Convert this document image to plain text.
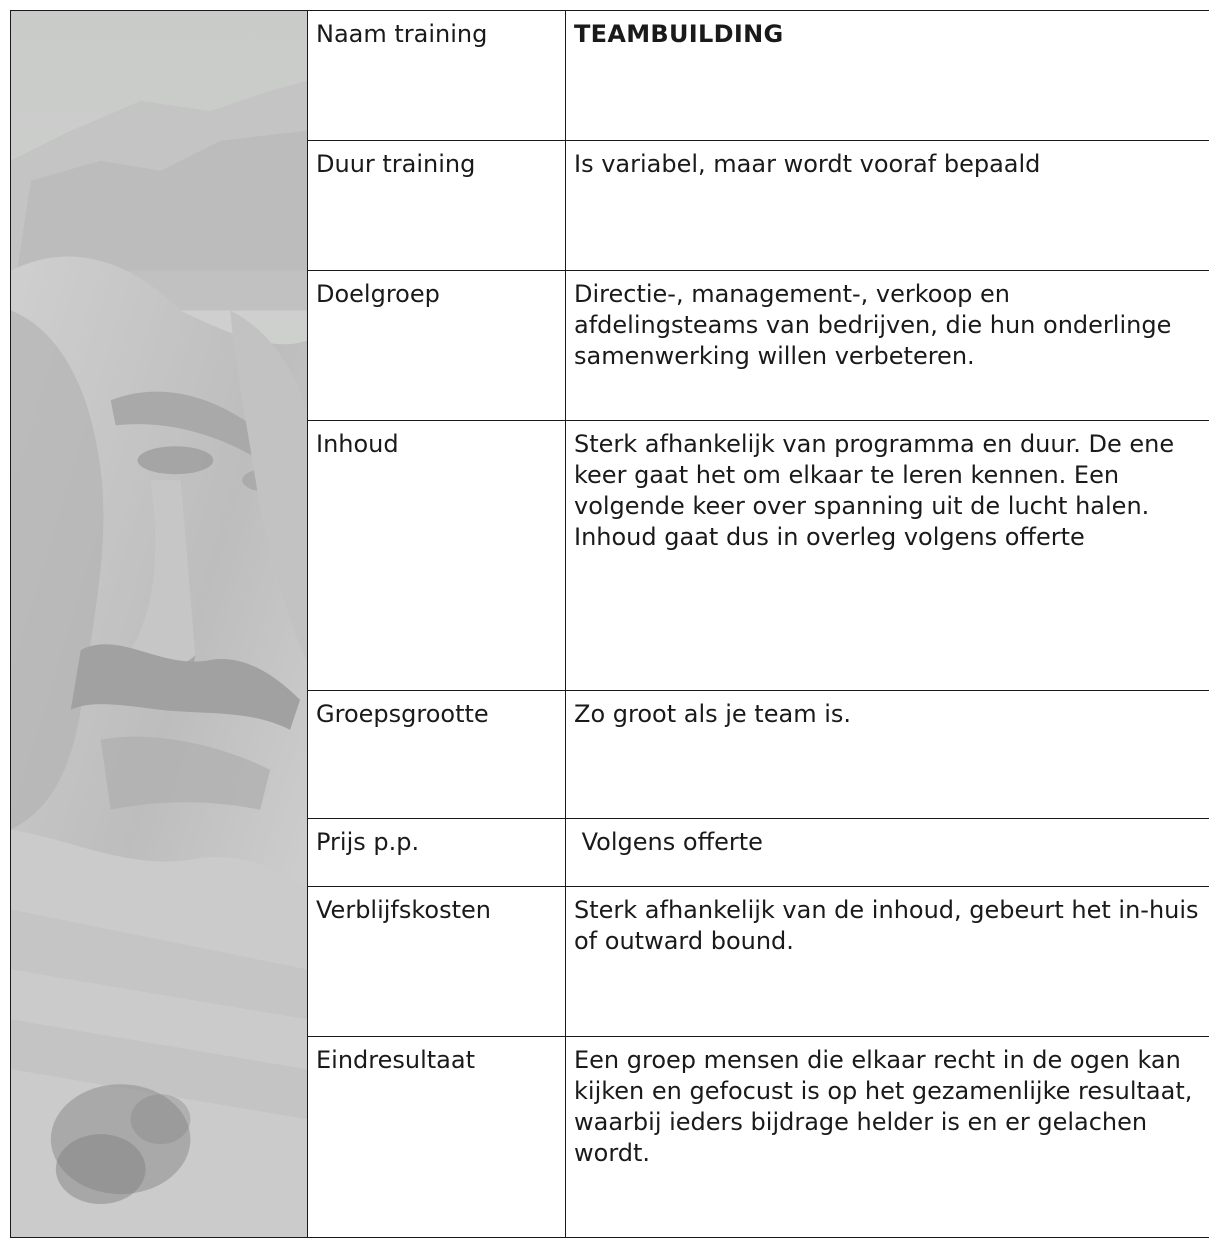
	Naam training	TEAMBUILDING
	Duur training	Is variabel, maar wordt vooraf bepaald
	Doelgroep	Directie-, management-, verkoop en afdelingsteams van bedrijven, die hun onderlinge samenwerking willen verbeteren.
	Inhoud	Sterk afhankelijk van programma en duur. De ene keer gaat het om elkaar te leren kennen. Een volgende keer over spanning uit de lucht halen. Inhoud gaat dus in overleg volgens offerte
	Groepsgrootte	Zo groot als je team is.
	Prijs p.p.	Volgens offerte
	Verblijfskosten	Sterk afhankelijk van de inhoud, gebeurt het in-huis of outward bound.
	Eindresultaat	Een groep mensen die elkaar recht in de ogen kan kijken en gefocust is op het gezamenlijke resultaat, waarbij ieders bijdrage helder is en er gelachen wordt.
